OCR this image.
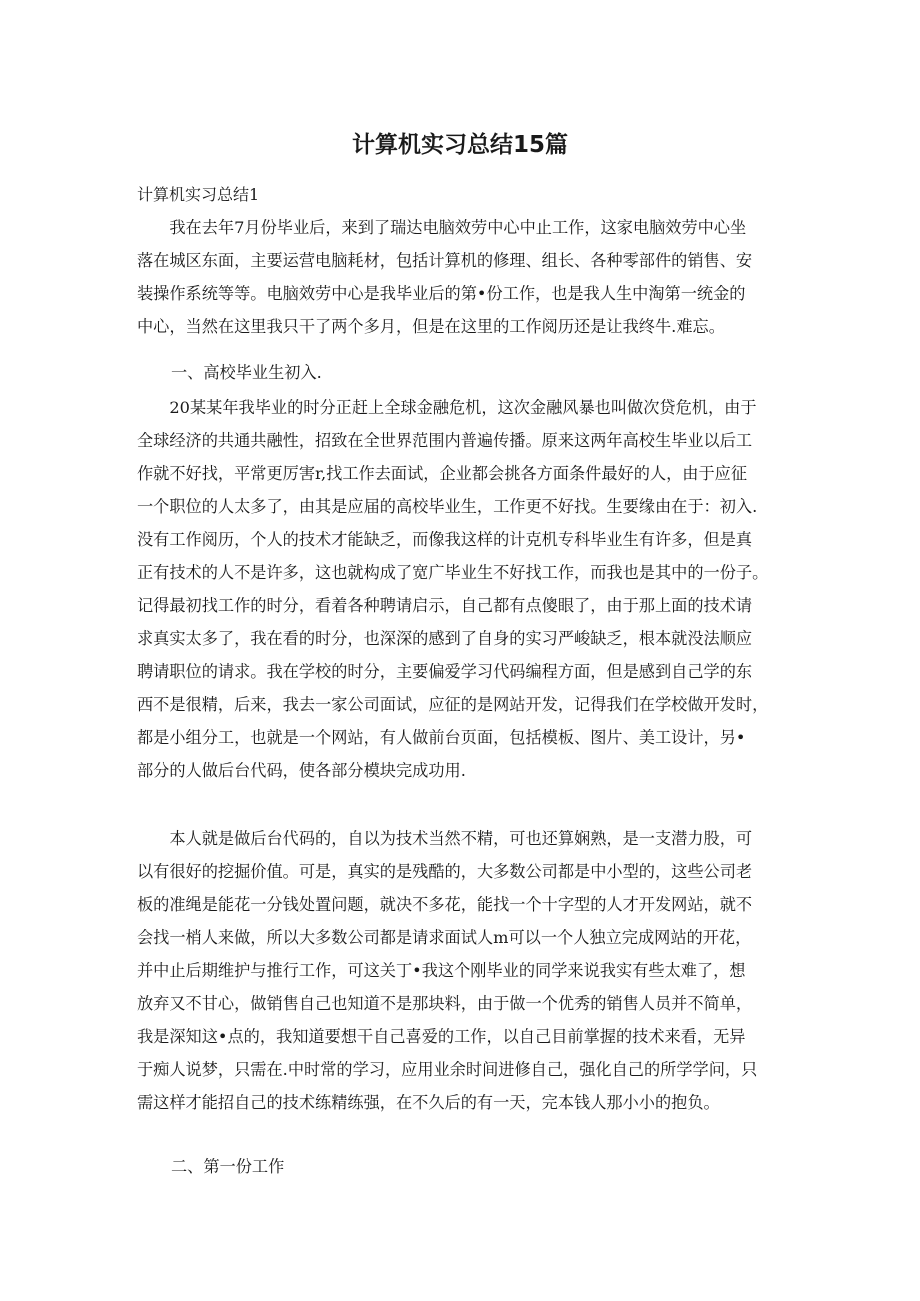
计算机实习总结15篇
计算机实习总结1
　　我在去年7月份毕业后，来到了瑞达电脑效劳中心中止工作，这家电脑效劳中心坐
落在城区东面，主要运营电脑耗材，包括计算机的修理、组长、各种零部件的销售、安
装操作系统等等。电脑效劳中心是我毕业后的第•份工作，也是我人生中淘第一统金的
中心，当然在这里我只干了两个多月，但是在这里的工作阅历还是让我终牛.难忘。
一、高校毕业生初入.
　　20某某年我毕业的时分正赶上全球金融危机，这次金融风暴也叫做次贷危机，由于
全球经济的共通共融性，招致在全世界范围内普遍传播。原来这两年高校生毕业以后工
作就不好找，平常更厉害r,找工作去面试，企业都会挑各方面条件最好的人，由于应征
一个职位的人太多了，由其是应届的高校毕业生，工作更不好找。生要缘由在于：初入.
没有工作阅历，个人的技术才能缺乏，而像我这样的计克机专科毕业生有许多，但是真
正有技术的人不是许多，这也就构成了宽广毕业生不好找工作，而我也是其中的一份子。
记得最初找工作的时分，看着各种聘请启示，自己都有点傻眼了，由于那上面的技术请
求真实太多了，我在看的时分，也深深的感到了自身的实习严峻缺乏，根本就没法顺应
聘请职位的请求。我在学校的时分，主要偏爱学习代码编程方面，但是感到自己学的东
西不是很精，后来，我去一家公司面试，应征的是网站开发，记得我们在学校做开发时，
都是小组分工，也就是一个网站，有人做前台页面，包括模板、图片、美工设计，另•
部分的人做后台代码，使各部分模块完成功用.
　　本人就是做后台代码的，自以为技术当然不精，可也还算娴熟，是一支潜力股，可
以有很好的挖掘价值。可是，真实的是残酷的，大多数公司都是中小型的，这些公司老
板的准绳是能花一分钱处置问题，就决不多花，能找一个十字型的人才开发网站，就不
会找一梢人来做，所以大多数公司都是请求面试人m可以一个人独立完成网站的开花，
并中止后期维护与推行工作，可这关丁•我这个刚毕业的同学来说我实有些太难了，想
放弃又不甘心，做销售自己也知道不是那块料，由于做一个优秀的销售人员并不简单，
我是深知这•点的，我知道要想干自己喜爱的工作，以自己目前掌握的技术来看，无异
于痴人说梦，只需在.中时常的学习，应用业余时间进修自己，强化自己的所学学问，只
需这样才能招自己的技术练精练强，在不久后的有一天，完本钱人那小小的抱负。
二、第一份工作
